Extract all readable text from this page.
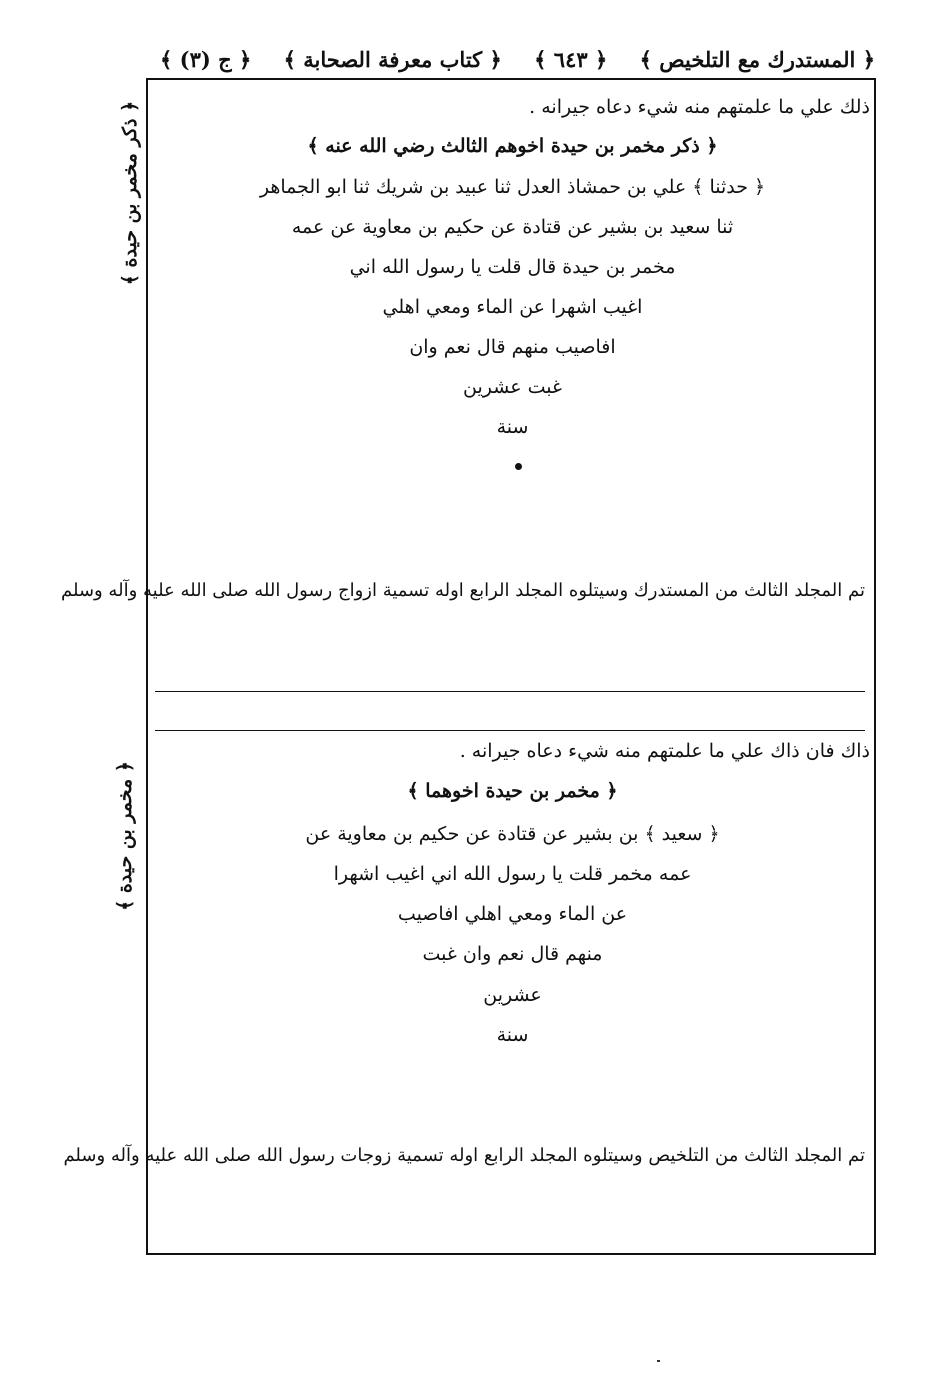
﴿ ج (٣) ﴾ ﴿ كتاب معرفة الصحابة ﴾ ﴿ ٦٤٣ ﴾ ﴿ المستدرك مع التلخيص ﴾
﴿ ذكر مخمر بن حيدة ﴾
﴿ مخمر بن حيدة ﴾
ذلك علي ما علمتهم منه شيء دعاه جيرانه .
﴿ ذكر مخمر بن حيدة اخوهم الثالث رضي الله عنه ﴾
﴿ حدثنا ﴾ علي بن حمشاذ العدل ثنا عبيد بن شريك ثنا ابو الجماهر
ثنا سعيد بن بشير عن قتادة عن حكيم بن معاوية عن عمه
مخمر بن حيدة قال قلت يا رسول الله اني
اغيب اشهرا عن الماء ومعي اهلي
افاصيب منهم قال نعم وان
غبت عشرين
سنة
تم المجلد الثالث من المستدرك وسيتلوه المجلد الرابع اوله تسمية ازواج رسول الله صلى الله عليه وآله وسلم
ذاك فان ذاك علي ما علمتهم منه شيء دعاه جيرانه .
﴿ مخمر بن حيدة اخوهما ﴾
﴿ سعيد ﴾ بن بشير عن قتادة عن حكيم بن معاوية عن
عمه مخمر قلت يا رسول الله اني اغيب اشهرا
عن الماء ومعي اهلي افاصيب
منهم قال نعم وان غبت
عشرين
سنة
تم المجلد الثالث من التلخيص وسيتلوه المجلد الرابع اوله تسمية زوجات رسول الله صلى الله عليه وآله وسلم
